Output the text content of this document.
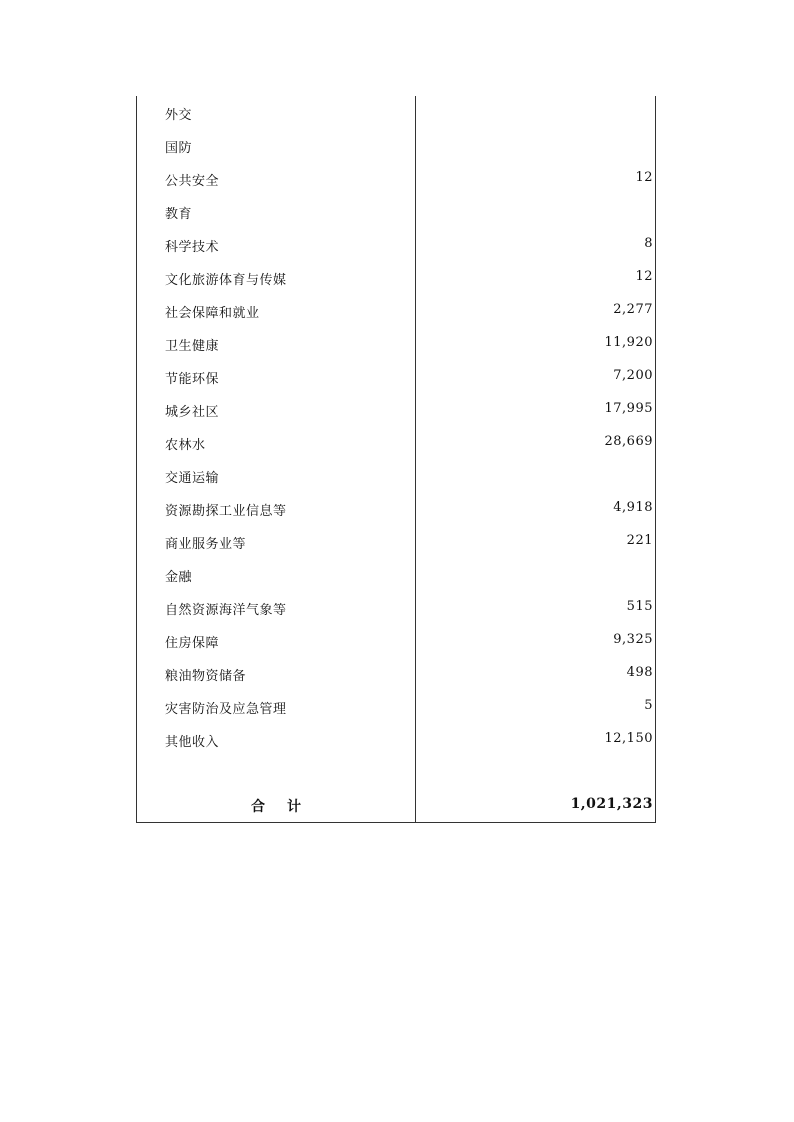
外交
国防
公共安全	12
教育
科学技术	8
文化旅游体育与传媒	12
社会保障和就业	2,277
卫生健康	11,920
节能环保	7,200
城乡社区	17,995
农林水	28,669
交通运输
资源勘探工业信息等	4,918
商业服务业等	221
金融
自然资源海洋气象等	515
住房保障	9,325
粮油物资储备	498
灾害防治及应急管理	5
其他收入	12,150
合计	1,021,323
